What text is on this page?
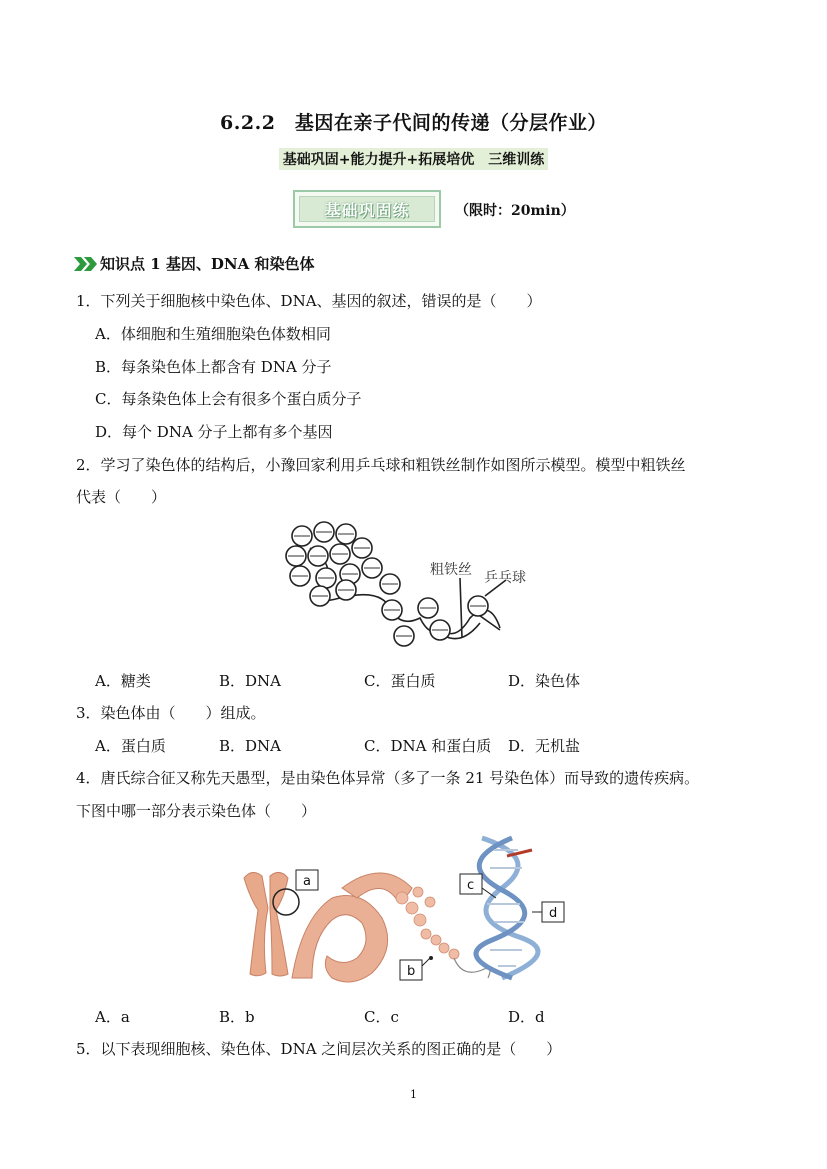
6.2.2　基因在亲子代间的传递（分层作业）
基础巩固+能力提升+拓展培优　三维训练
基础巩固练	（限时：20min）
知识点 1 基因、DNA 和染色体
1．下列关于细胞核中染色体、DNA、基因的叙述，错误的是（　　）
A．体细胞和生殖细胞染色体数相同
B．每条染色体上都含有 DNA 分子
C．每条染色体上会有很多个蛋白质分子
D．每个 DNA 分子上都有多个基因
2．学习了染色体的结构后，小豫回家利用乒乓球和粗铁丝制作如图所示模型。模型中粗铁丝
代表（　　）
粗铁丝 乒乓球
A．糖类	B．DNA	C．蛋白质	D．染色体
3．染色体由（　　）组成。
A．蛋白质	B．DNA	C．DNA 和蛋白质 D．无机盐
4．唐氏综合征又称先天愚型，是由染色体异常（多了一条 21 号染色体）而导致的遗传疾病。
下图中哪一部分表示染色体（　　）
a
b
c
d
A．a	B．b	C．c	D．d
5．以下表现细胞核、染色体、DNA 之间层次关系的图正确的是（　　）
1
